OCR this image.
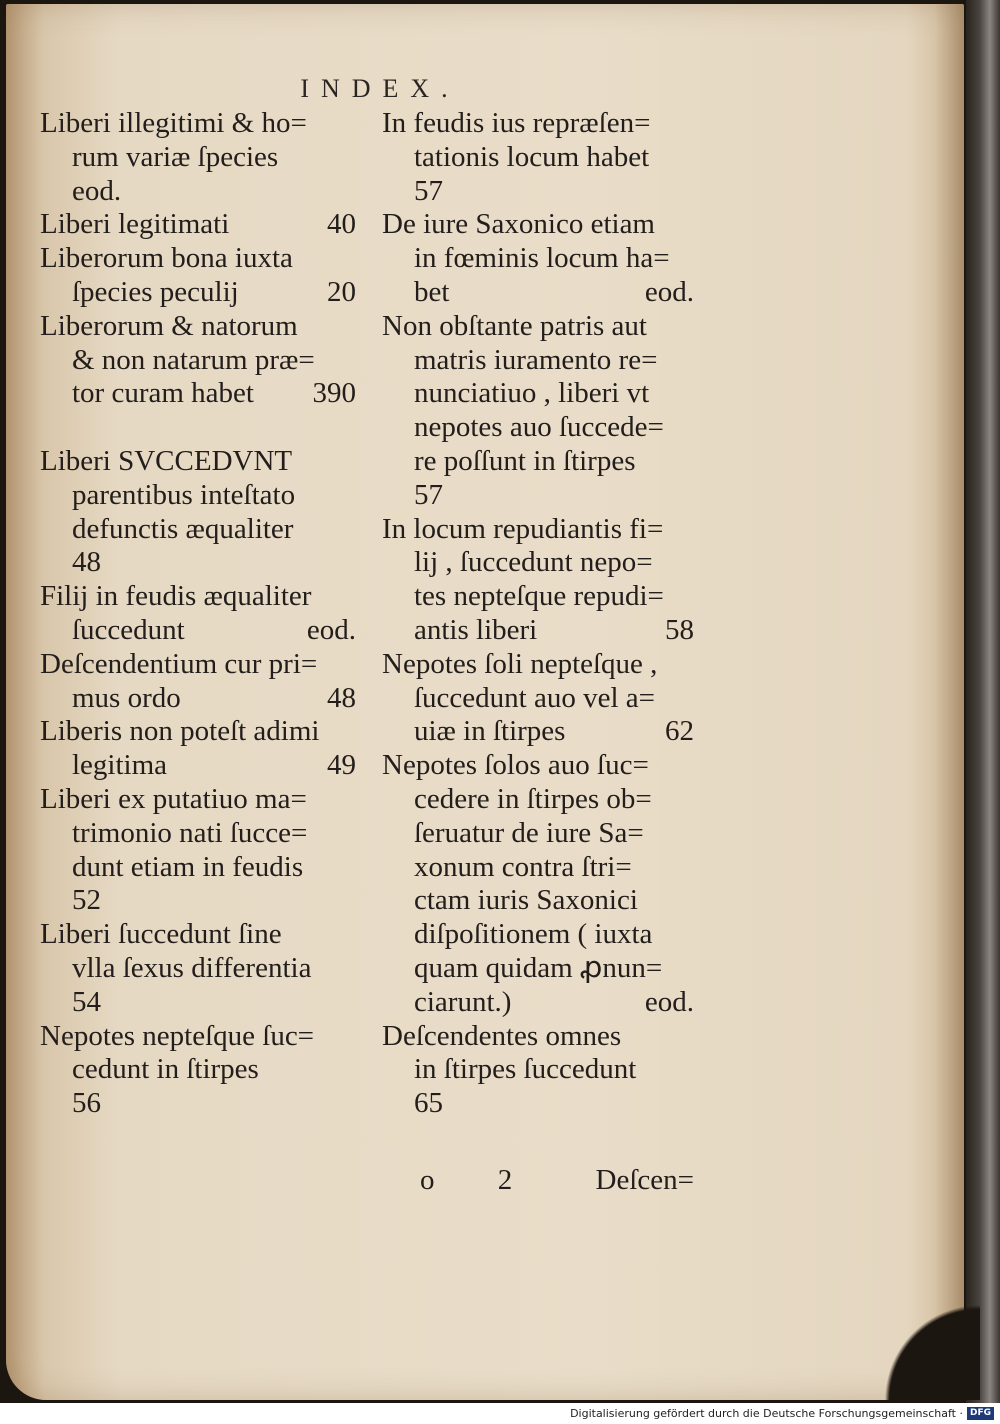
INDEX.
Liberi illegitimi & ho=
rum variæ ſpecies
eod.
Liberi legitimati	40
Liberorum bona iuxta
ſpecies peculij	20
Liberorum & natorum
& non natarum præ=
tor curam habet 390
Liberi SVCCEDVNT
parentibus inteſtato
defunctis æqualiter
48
Filij in feudis æqualiter
ſuccedunt	eod.
Deſcendentium cur pri=
mus ordo	48
Liberis non poteſt adimi
legitima	49
Liberi ex putatiuo ma=
trimonio nati ſucce=
dunt etiam in feudis
52
Liberi ſuccedunt ſine
vlla ſexus differentia
54
Nepotes nepteſque ſuc=
cedunt in ſtirpes
56
In feudis ius repræſen=
tationis locum habet
57
De iure Saxonico etiam
in fœminis locum ha=
bet	eod.
Non obſtante patris aut
matris iuramento re=
nunciatiuo , liberi vt
nepotes auo ſuccede=
re poſſunt in ſtirpes
57
In locum repudiantis fi=
lij , ſuccedunt nepo=
tes nepteſque repudi=
antis liberi	58
Nepotes ſoli nepteſque ,
ſuccedunt auo vel a=
uiæ in ſtirpes	62
Nepotes ſolos auo ſuc=
cedere in ſtirpes ob=
ſeruatur de iure Sa=
xonum contra ſtri=
ctam iuris Saxonici
diſpoſitionem ( iuxta
quam quidam ꝓnun=
ciarunt.)	eod.
Deſcendentes omnes
in ſtirpes ſuccedunt
65
o 2 Deſcen=
Digitalisierung gefördert durch die Deutsche Forschungsgemeinschaft · DFG
